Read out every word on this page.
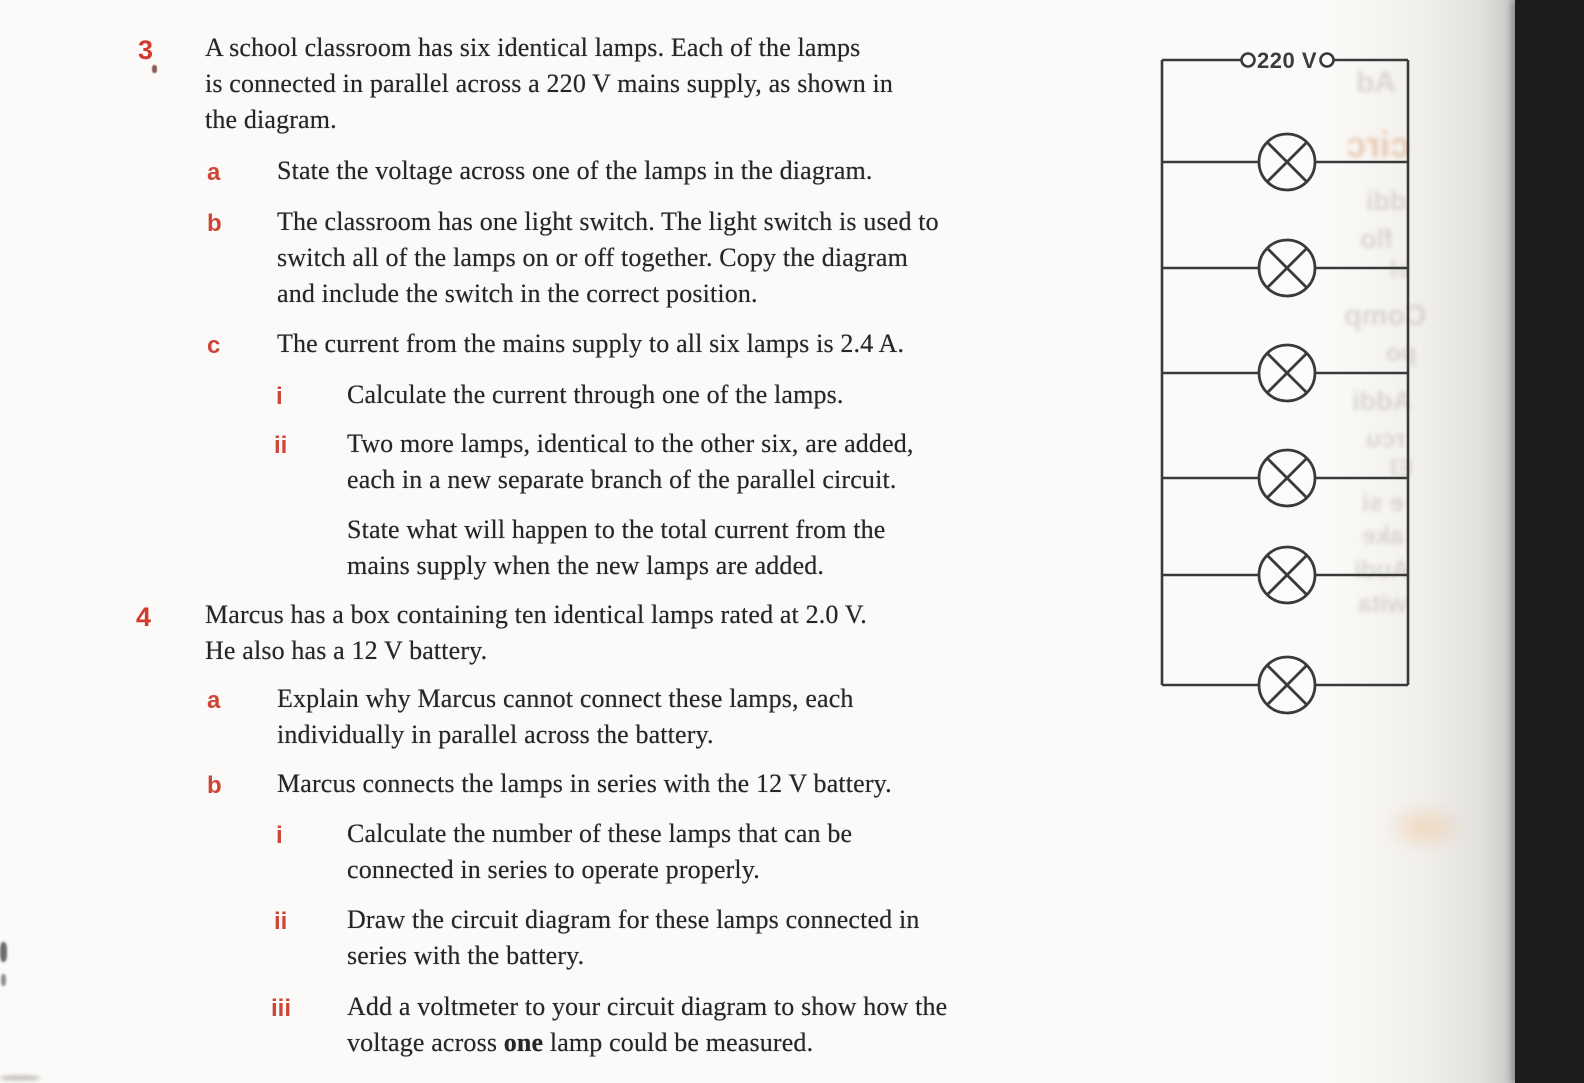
Ad
circ
ddi
flo
el
Comp
po
Addi
rcu
El
e si
ake
Audi
wita
3 A school classroom has six identical lamps. Each of the lamps
is connected in parallel across a 220 V mains supply, as shown in
the diagram.
a State the voltage across one of the lamps in the diagram.
b The classroom has one light switch. The light switch is used to
switch all of the lamps on or off together. Copy the diagram
and include the switch in the correct position.
c The current from the mains supply to all six lamps is 2.4 A.
i Calculate the current through one of the lamps.
ii Two more lamps, identical to the other six, are added,
each in a new separate branch of the parallel circuit.
State what will happen to the total current from the
mains supply when the new lamps are added.
4 Marcus has a box containing ten identical lamps rated at 2.0 V.
He also has a 12 V battery.
a Explain why Marcus cannot connect these lamps, each
individually in parallel across the battery.
b Marcus connects the lamps in series with the 12 V battery.
i Calculate the number of these lamps that can be
connected in series to operate properly.
ii Draw the circuit diagram for these lamps connected in
series with the battery.
iii Add a voltmeter to your circuit diagram to show how the
voltage across one lamp could be measured.
220 V
